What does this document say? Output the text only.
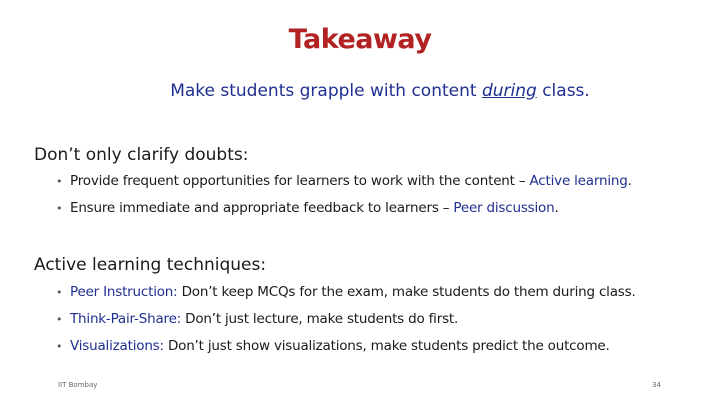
Takeaway
Make students grapple with content during class.
Don’t only clarify doubts:
• Provide frequent opportunities for learners to work with the content – Active learning.
• Ensure immediate and appropriate feedback to learners – Peer discussion.
Active learning techniques:
• Peer Instruction: Don’t keep MCQs for the exam, make students do them during class.
• Think-Pair-Share: Don’t just lecture, make students do first.
• Visualizations: Don’t just show visualizations, make students predict the outcome.
IIT Bombay	34
